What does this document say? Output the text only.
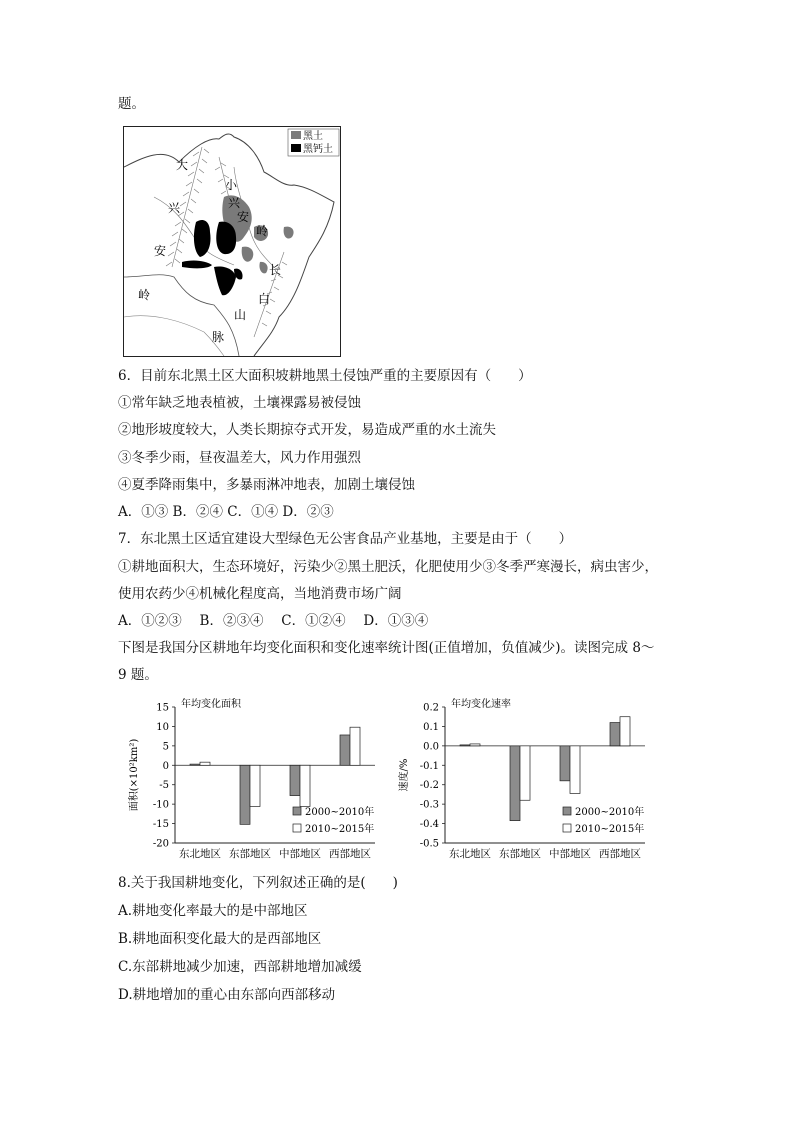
题。
黑土
黑钙土
大
兴
安
岭
小
兴
安
岭
长
白
山
脉
6．目前东北黑土区大面积坡耕地黑土侵蚀严重的主要原因有（　　）
①常年缺乏地表植被，土壤裸露易被侵蚀
②地形坡度较大，人类长期掠夺式开发，易造成严重的水土流失
③冬季少雨，昼夜温差大，风力作用强烈
④夏季降雨集中，多暴雨淋冲地表，加剧土壤侵蚀
A．①③ B．②④ C．①④ D．②③
7．东北黑土区适宜建设大型绿色无公害食品产业基地，主要是由于（　　）
①耕地面积大，生态环境好，污染少②黑土肥沃，化肥使用少③冬季严寒漫长，病虫害少，
使用农药少④机械化程度高，当地消费市场广阔
A．①②③　 B．②③④　 C．①②④　 D．①③④
下图是我国分区耕地年均变化面积和变化速率统计图(正值增加，负值减少)。读图完成 8～
9 题。
15
10
5
0
-5
-10
-15
-20
年均变化面积
面积(×10²km²)
东北地区 东部地区 中部地区 西部地区
2000~2010年
2010~2015年
0.2
0.1
0.0
-0.1
-0.2
-0.3
-0.4
-0.5
年均变化速率
速度/%
东北地区 东部地区 中部地区 西部地区
2000~2010年
2010~2015年
8.关于我国耕地变化，下列叙述正确的是(　　)
A.耕地变化率最大的是中部地区
B.耕地面积变化最大的是西部地区
C.东部耕地减少加速，西部耕地增加减缓
D.耕地增加的重心由东部向西部移动
